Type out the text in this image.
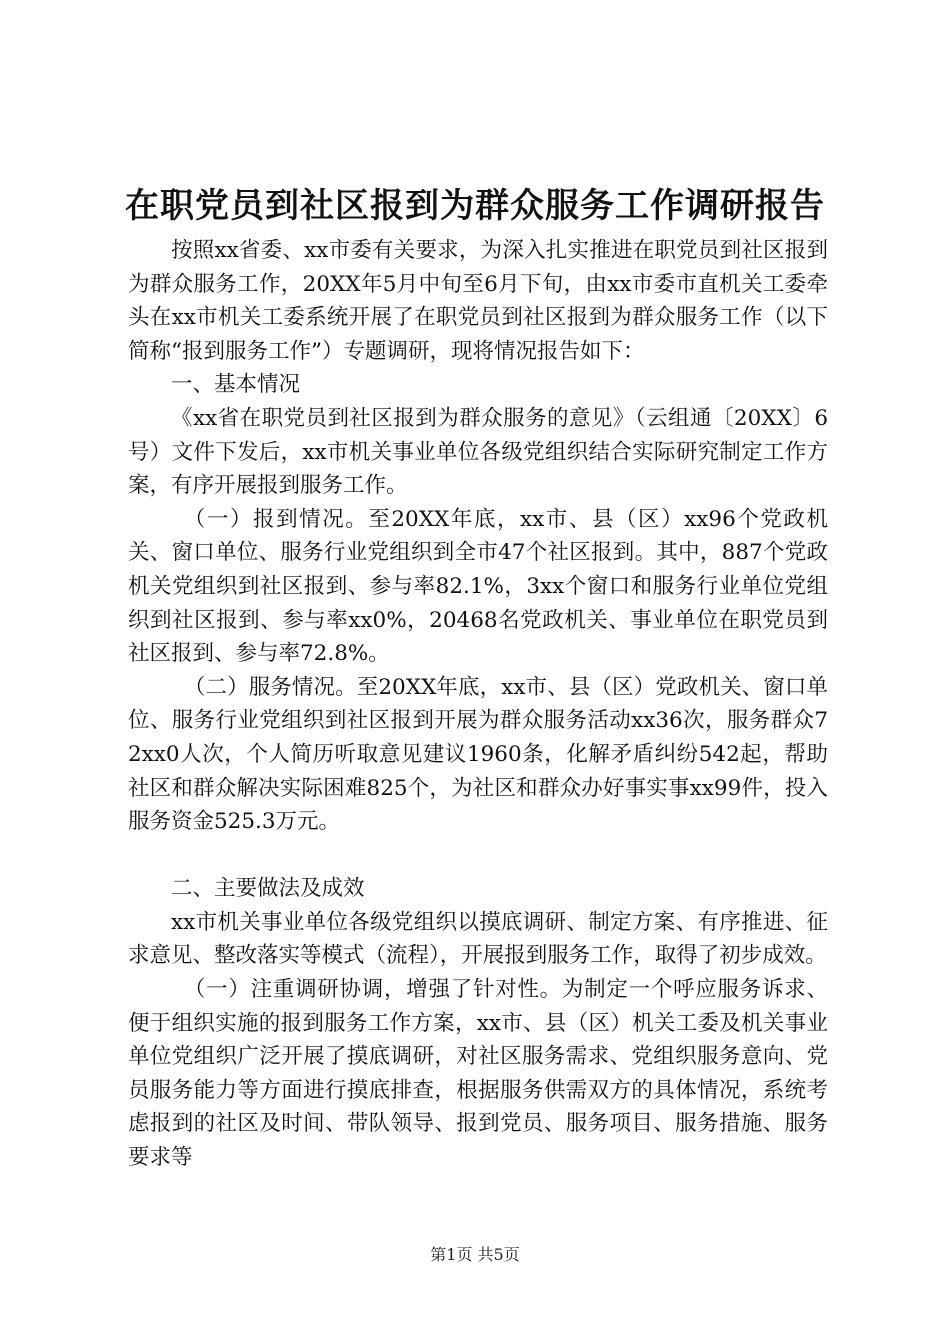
在职党员到社区报到为群众服务工作调研报告

按照xx省委、xx市委有关要求，为深入扎实推进在职党员到社区报到为群众服务工作，20XX年5月中旬至6月下旬，由xx市委市直机关工委牵头在xx市机关工委系统开展了在职党员到社区报到为群众服务工作（以下简称“报到服务工作”）专题调研，现将情况报告如下：

一、基本情况

《xx省在职党员到社区报到为群众服务的意见》（云组通〔20XX〕6号）文件下发后，xx市机关事业单位各级党组织结合实际研究制定工作方案，有序开展报到服务工作。

（一）报到情况。至20XX年底，xx市、县（区）xx96个党政机关、窗口单位、服务行业党组织到全市47个社区报到。其中，887个党政机关党组织到社区报到、参与率82.1%，3xx个窗口和服务行业单位党组织到社区报到、参与率xx0%，20468名党政机关、事业单位在职党员到社区报到、参与率72.8%。

（二）服务情况。至20XX年底，xx市、县（区）党政机关、窗口单位、服务行业党组织到社区报到开展为群众服务活动xx36次，服务群众72xx0人次，个人简历听取意见建议1960条，化解矛盾纠纷542起，帮助社区和群众解决实际困难825个，为社区和群众办好事实事xx99件，投入服务资金525.3万元。

二、主要做法及成效

xx市机关事业单位各级党组织以摸底调研、制定方案、有序推进、征求意见、整改落实等模式（流程），开展报到服务工作，取得了初步成效。

（一）注重调研协调，增强了针对性。为制定一个呼应服务诉求、便于组织实施的报到服务工作方案，xx市、县（区）机关工委及机关事业单位党组织广泛开展了摸底调研，对社区服务需求、党组织服务意向、党员服务能力等方面进行摸底排查，根据服务供需双方的具体情况，系统考虑报到的社区及时间、带队领导、报到党员、服务项目、服务措施、服务要求等

第1页 共5页
